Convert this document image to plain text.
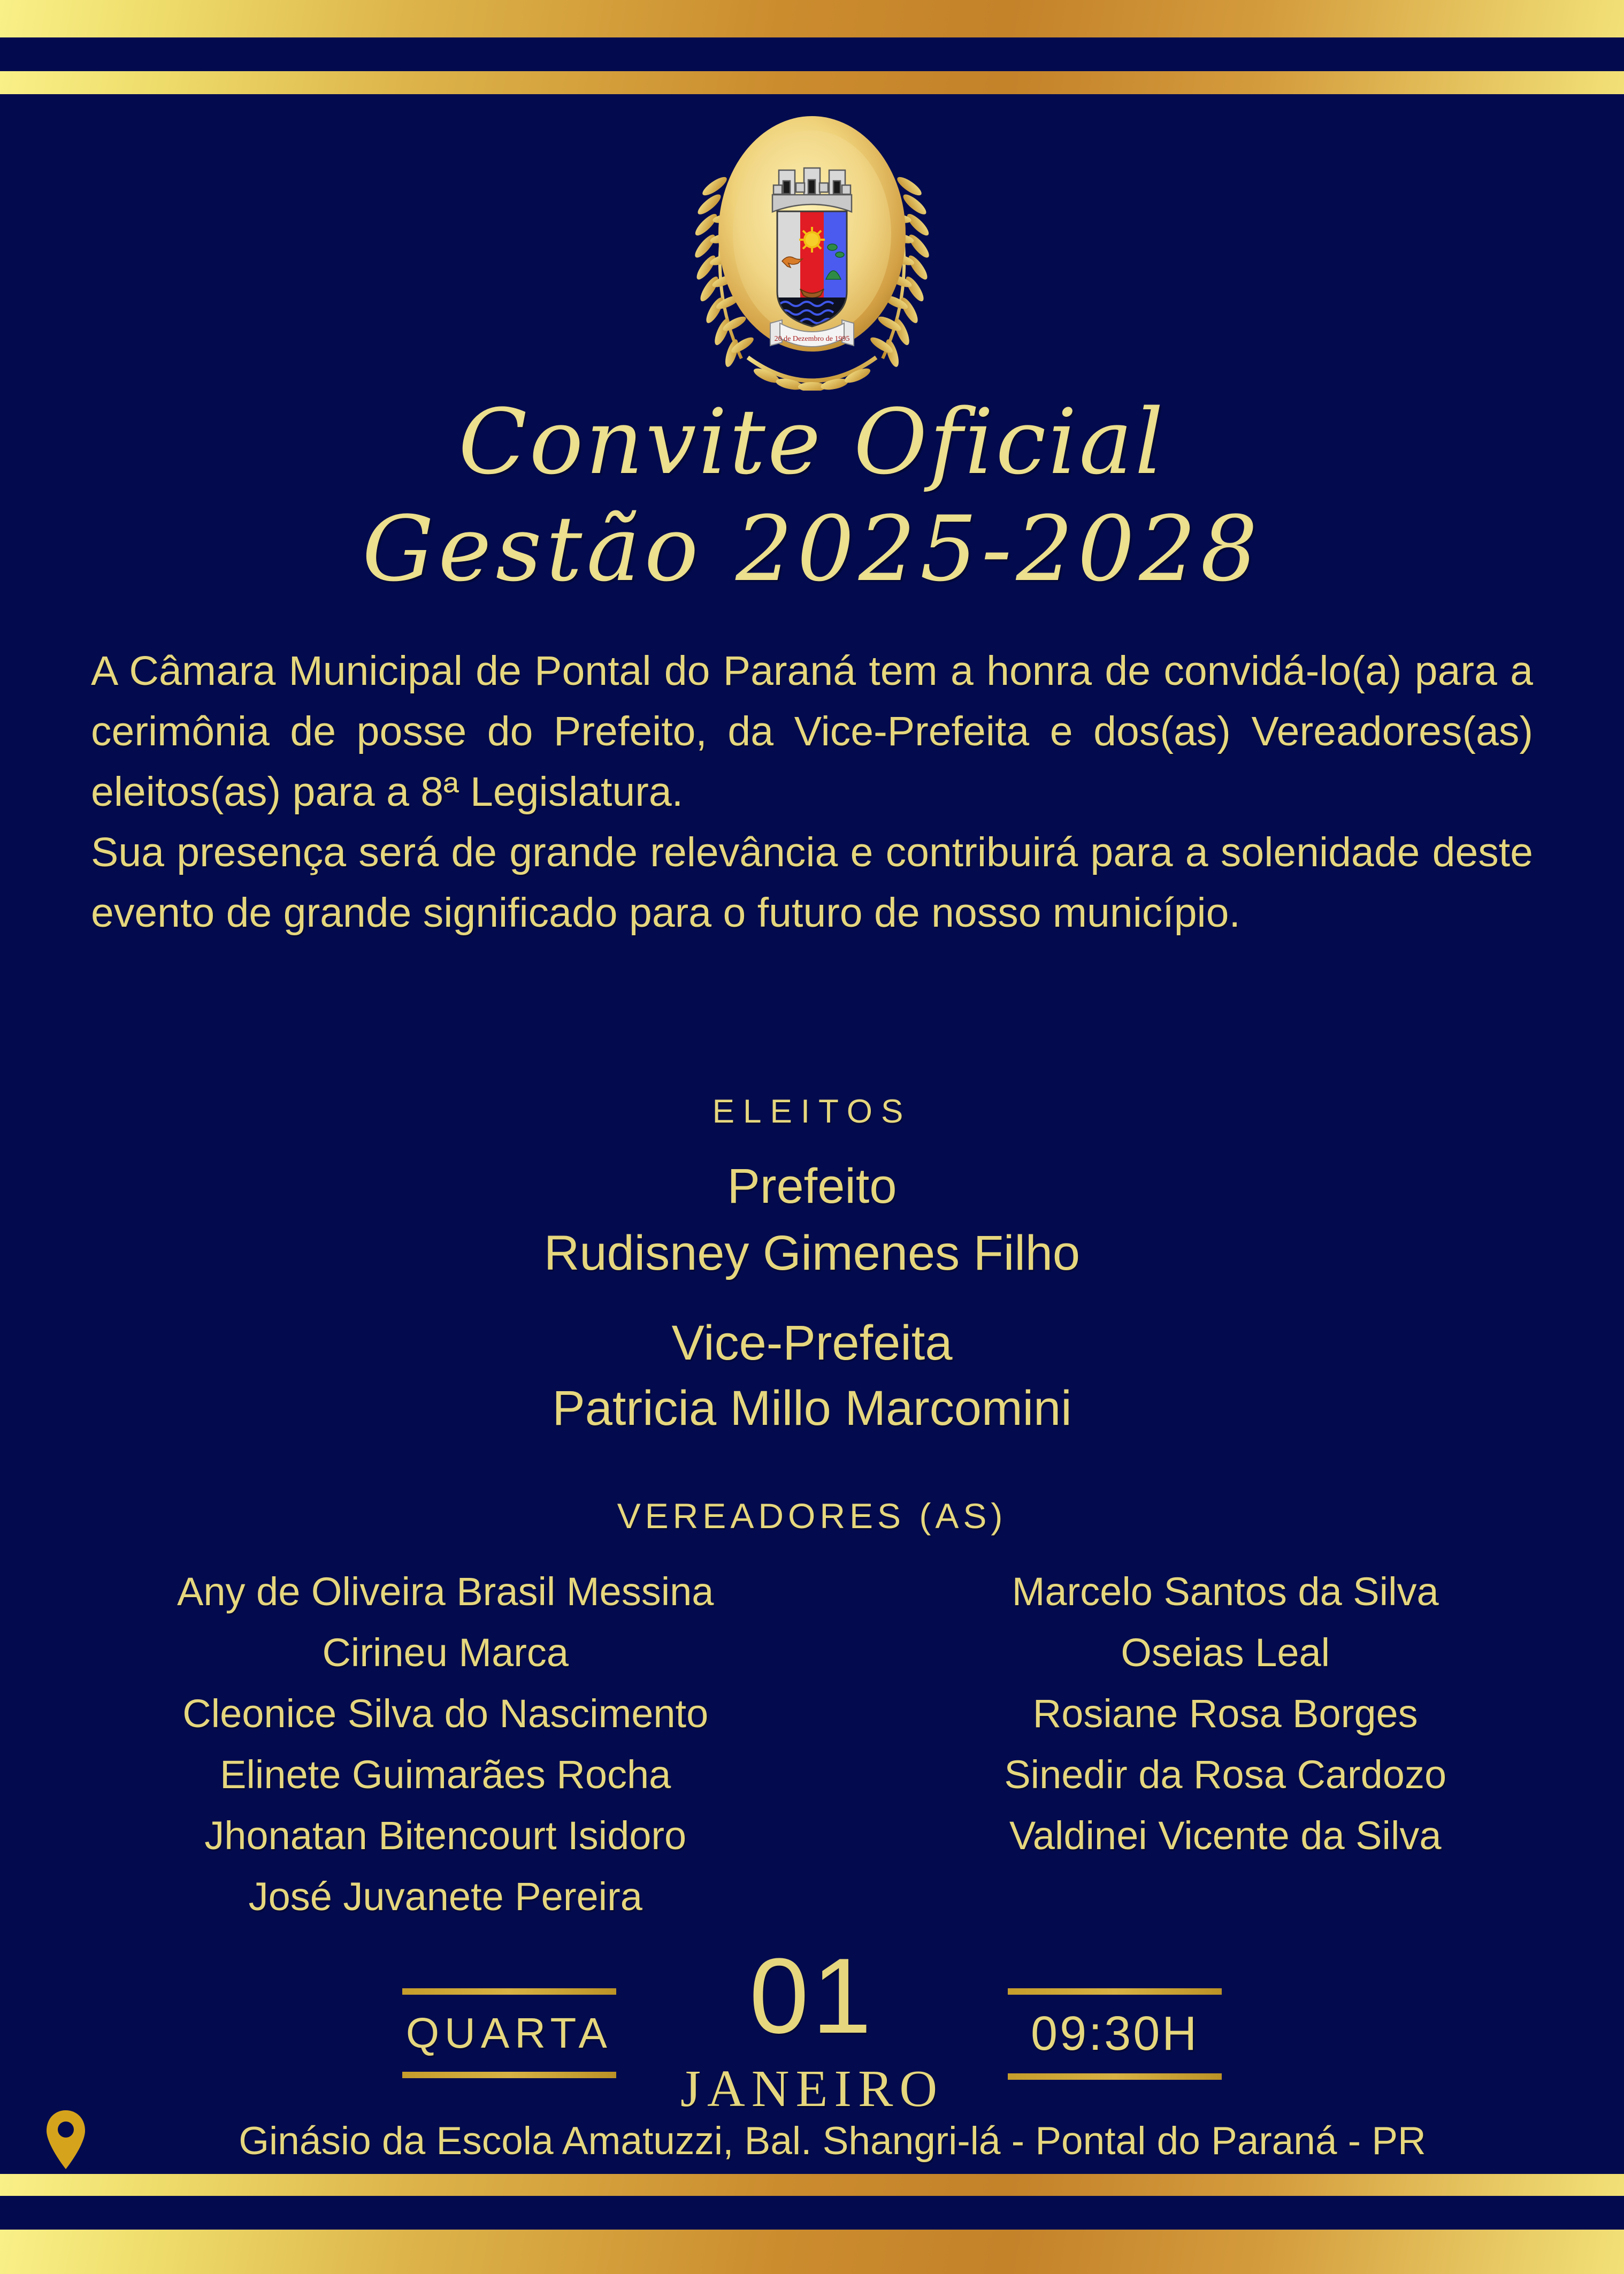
20 de Dezembro de 1995
Convite Oficial
Gestão 2025-2028

A Câmara Municipal de Pontal do Paraná tem a honra de convidá-lo(a) para a cerimônia de posse do Prefeito, da Vice-Prefeita e dos(as) Vereadores(as) eleitos(as) para a 8ª Legislatura.

Sua presença será de grande relevância e contribuirá para a solenidade deste evento de grande significado para o futuro de nosso município.

ELEITOS
Prefeito
Rudisney Gimenes Filho
Vice-Prefeita
Patricia Millo Marcomini
VEREADORES (AS)
Any de Oliveira Brasil Messina
Cirineu Marca
Cleonice Silva do Nascimento
Elinete Guimarães Rocha
Jhonatan Bitencourt Isidoro
José Juvanete Pereira
Marcelo Santos da Silva
Oseias Leal
Rosiane Rosa Borges
Sinedir da Rosa Cardozo
Valdinei Vicente da Silva
QUARTA 01
JANEIRO
09:30H
Ginásio da Escola Amatuzzi, Bal. Shangri-lá - Pontal do Paraná - PR
